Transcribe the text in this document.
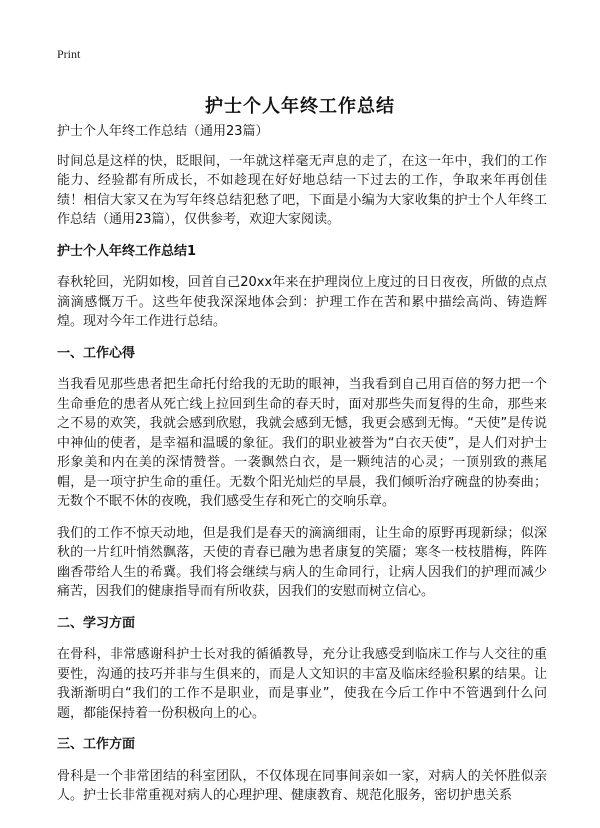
Print
护士个人年终工作总结

护士个人年终工作总结（通用23篇）

时间总是这样的快，眨眼间，一年就这样毫无声息的走了，在这一年中，我们的工作能力、经验都有所成长，不如趁现在好好地总结一下过去的工作，争取来年再创佳绩！相信大家又在为写年终总结犯愁了吧，下面是小编为大家收集的护士个人年终工作总结（通用23篇），仅供参考，欢迎大家阅读。

护士个人年终工作总结1

春秋轮回，光阴如梭，回首自己20xx年来在护理岗位上度过的日日夜夜，所做的点点滴滴感慨万千。这些年使我深深地体会到：护理工作在苦和累中描绘高尚、铸造辉煌。现对今年工作进行总结。

一、工作心得

当我看见那些患者把生命托付给我的无助的眼神，当我看到自己用百倍的努力把一个生命垂危的患者从死亡线上拉回到生命的春天时，面对那些失而复得的生命，那些来之不易的欢笑，我就会感到欣慰，我就会感到无憾，我更会感到无悔。“天使”是传说中神仙的使者，是幸福和温暖的象征。我们的职业被誉为“白衣天使”，是人们对护士形象美和内在美的深情赞誉。一袭飘然白衣，是一颗纯洁的心灵；一顶别致的燕尾帽，是一项守护生命的重任。无数个阳光灿烂的早晨，我们倾听治疗碗盘的协奏曲；无数个不眠不休的夜晚，我们感受生存和死亡的交响乐章。

我们的工作不惊天动地，但是我们是春天的滴滴细雨，让生命的原野再现新绿；似深秋的一片红叶悄然飘落，天使的青春已融为患者康复的笑靥；寒冬一枝枝腊梅，阵阵幽香带给人生的希冀。我们将会继续与病人的生命同行，让病人因我们的护理而减少痛苦，因我们的健康指导而有所收获，因我们的安慰而树立信心。

二、学习方面

在骨科，非常感谢科护士长对我的循循教导，充分让我感受到临床工作与人交往的重要性，沟通的技巧并非与生俱来的，而是人文知识的丰富及临床经验积累的结果。让我渐渐明白“我们的工作不是职业，而是事业”，使我在今后工作中不管遇到什么问题，都能保持着一份积极向上的心。

三、工作方面

骨科是一个非常团结的科室团队，不仅体现在同事间亲如一家，对病人的关怀胜似亲人。护士长非常重视对病人的心理护理、健康教育、规范化服务，密切护患关系
